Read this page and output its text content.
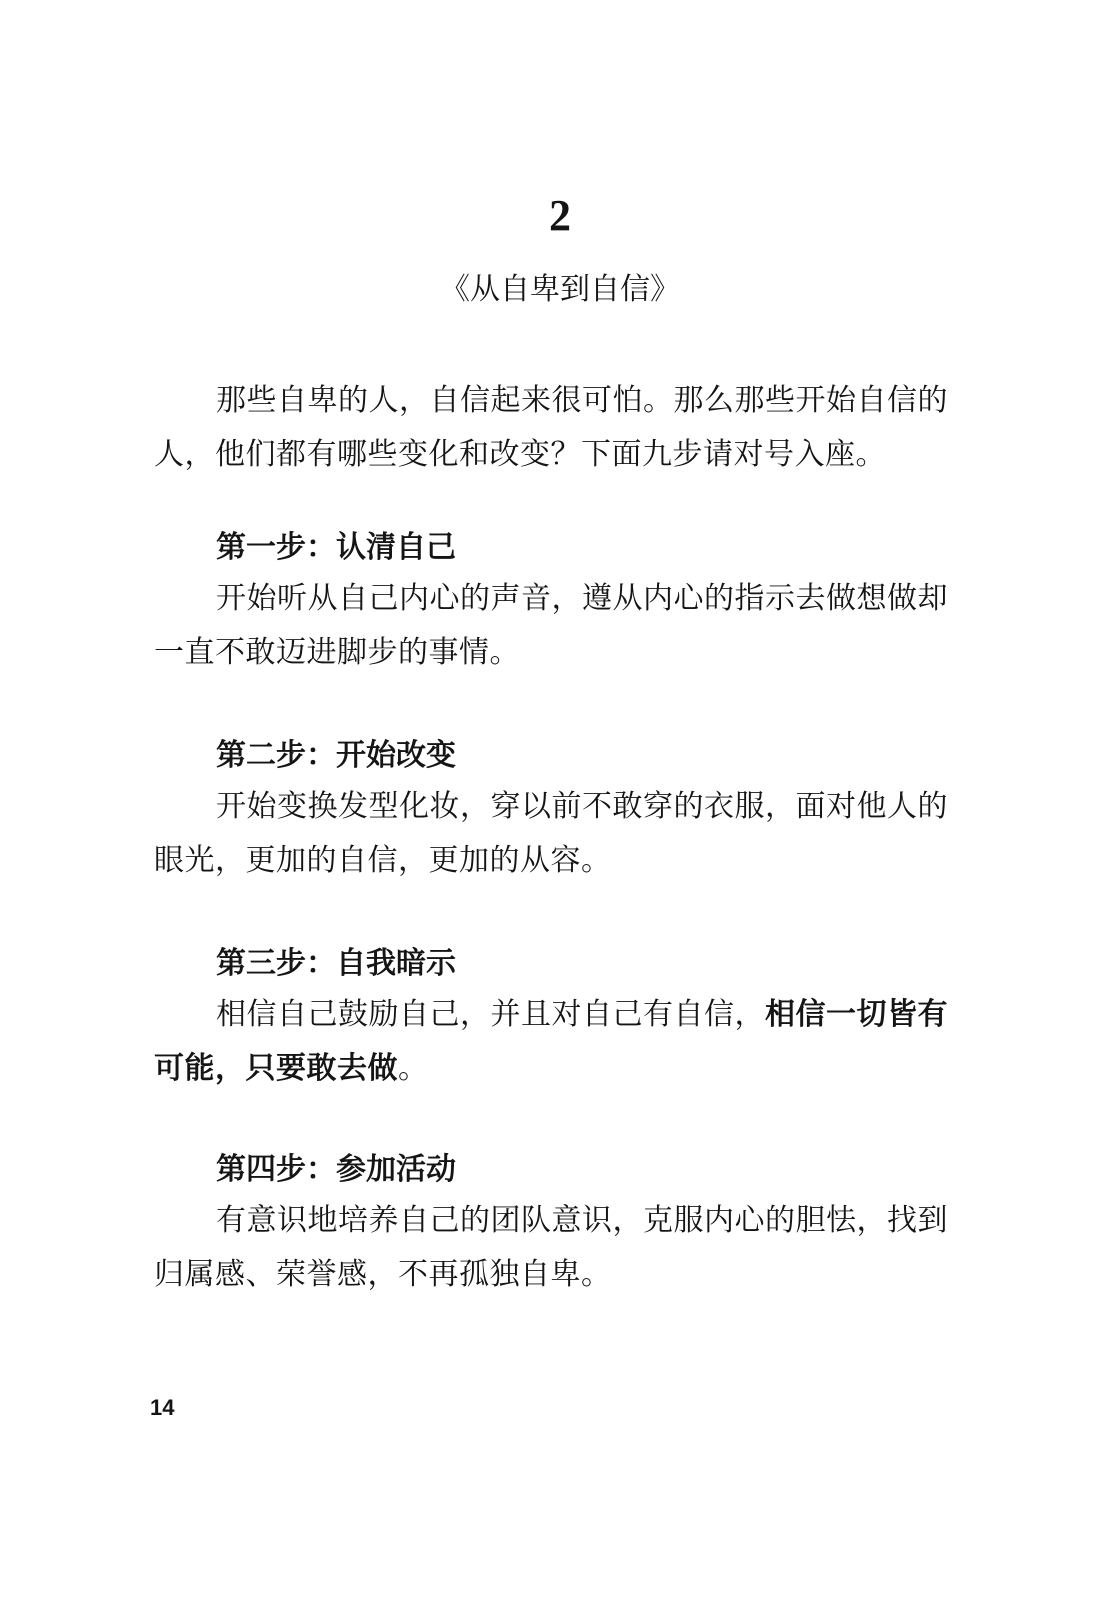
2
《从自卑到自信》

那些自卑的人，自信起来很可怕。那么那些开始自信的人，他们都有哪些变化和改变？下面九步请对号入座。

第一步：认清自己

开始听从自己内心的声音，遵从内心的指示去做想做却一直不敢迈进脚步的事情。

第二步：开始改变

开始变换发型化妆，穿以前不敢穿的衣服，面对他人的眼光，更加的自信，更加的从容。

第三步：自我暗示

相信自己鼓励自己，并且对自己有自信，相信一切皆有可能，只要敢去做。

第四步：参加活动

有意识地培养自己的团队意识，克服内心的胆怯，找到归属感、荣誉感，不再孤独自卑。

14
